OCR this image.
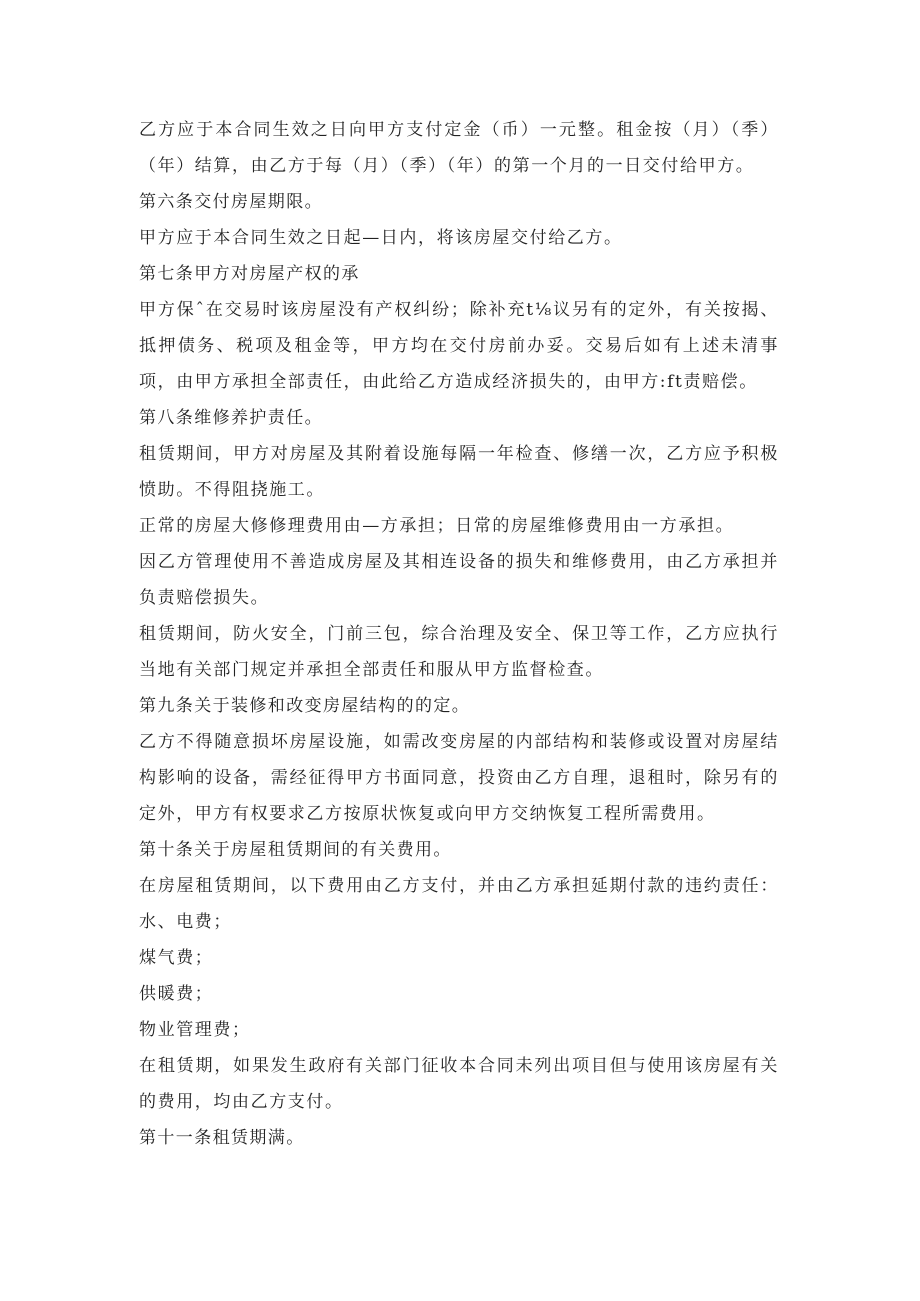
乙方应于本合同生效之日向甲方支付定金（币）一元整。租金按（月）（季）（年）结算，由乙方于每（月）（季）（年）的第一个月的一日交付给甲方。

第六条交付房屋期限。

甲方应于本合同生效之日起—日内，将该房屋交付给乙方。

第七条甲方对房屋产权的承

甲方保ˆ在交易时该房屋没有产权纠纷；除补充t⅛议另有的定外，有关按揭、抵押债务、税项及租金等，甲方均在交付房前办妥。交易后如有上述未清事项，由甲方承担全部责任，由此给乙方造成经济损失的，由甲方:ft责赔偿。

第八条维修养护责任。

租赁期间，甲方对房屋及其附着设施每隔一年检查、修缮一次，乙方应予积极愤助。不得阻挠施工。

正常的房屋大修修理费用由—方承担；日常的房屋维修费用由一方承担。

因乙方管理使用不善造成房屋及其相连设备的损失和维修费用，由乙方承担并负责赔偿损失。

租赁期间，防火安全，门前三包，综合治理及安全、保卫等工作，乙方应执行当地有关部门规定并承担全部责任和服从甲方监督检查。

第九条关于装修和改变房屋结构的的定。

乙方不得随意损坏房屋设施，如需改变房屋的内部结构和装修或设置对房屋结构影响的设备，需经征得甲方书面同意，投资由乙方自理，退租时，除另有的定外，甲方有权要求乙方按原状恢复或向甲方交纳恢复工程所需费用。

第十条关于房屋租赁期间的有关费用。

在房屋租赁期间，以下费用由乙方支付，并由乙方承担延期付款的违约责任：水、电费；

煤气费；

供暖费；

物业管理费；

在租赁期，如果发生政府有关部门征收本合同未列出项目但与使用该房屋有关的费用，均由乙方支付。

第十一条租赁期满。
